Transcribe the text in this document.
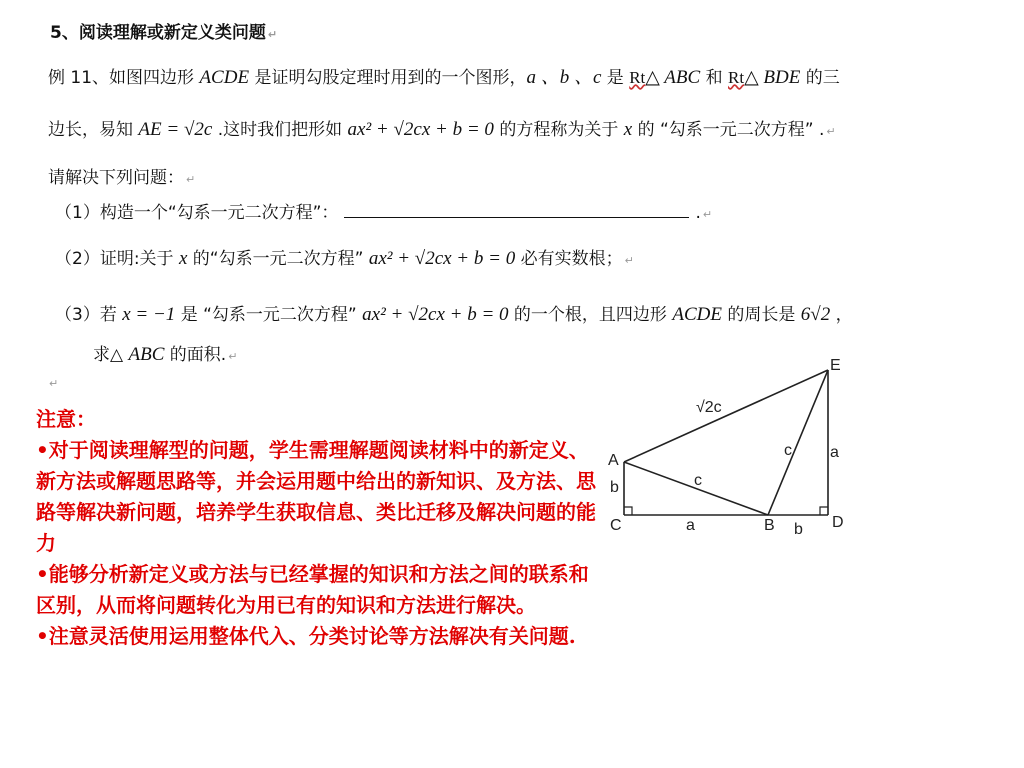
5、阅读理解或新定义类问题 ↵
例 11、如图四边形 ACDE 是证明勾股定理时用到的一个图形，a 、b 、c 是 Rt△ ABC 和 Rt△ BDE 的三
边长，易知 AE = √2c .这时我们把形如 ax² + √2cx + b = 0 的方程称为关于 x 的 “勾系一元二次方程” . ↵
请解决下列问题： ↵
（1）构造一个“勾系一元二次方程”：	. ↵
（2）证明:关于 x 的“勾系一元二次方程” ax² + √2cx + b = 0 必有实数根； ↵
（3）若 x = −1 是 “勾系一元二次方程” ax² + √2cx + b = 0 的一个根，且四边形 ACDE 的周长是 6√2 ，
求△ ABC 的面积. ↵
↵

注意：

•对于阅读理解型的问题，学生需理解题阅读材料中的新定义、新方法或解题思路等，并会运用题中给出的新知识、及方法、思路等解决新问题，培养学生获取信息、类比迁移及解决问题的能力

•能够分析新定义或方法与已经掌握的知识和方法之间的联系和区别，从而将问题转化为用已有的知识和方法进行解决。

•注意灵活使用运用整体代入、分类讨论等方法解决有关问题.

E
A
C	B	D
√2c
c a
c
b
a	b
